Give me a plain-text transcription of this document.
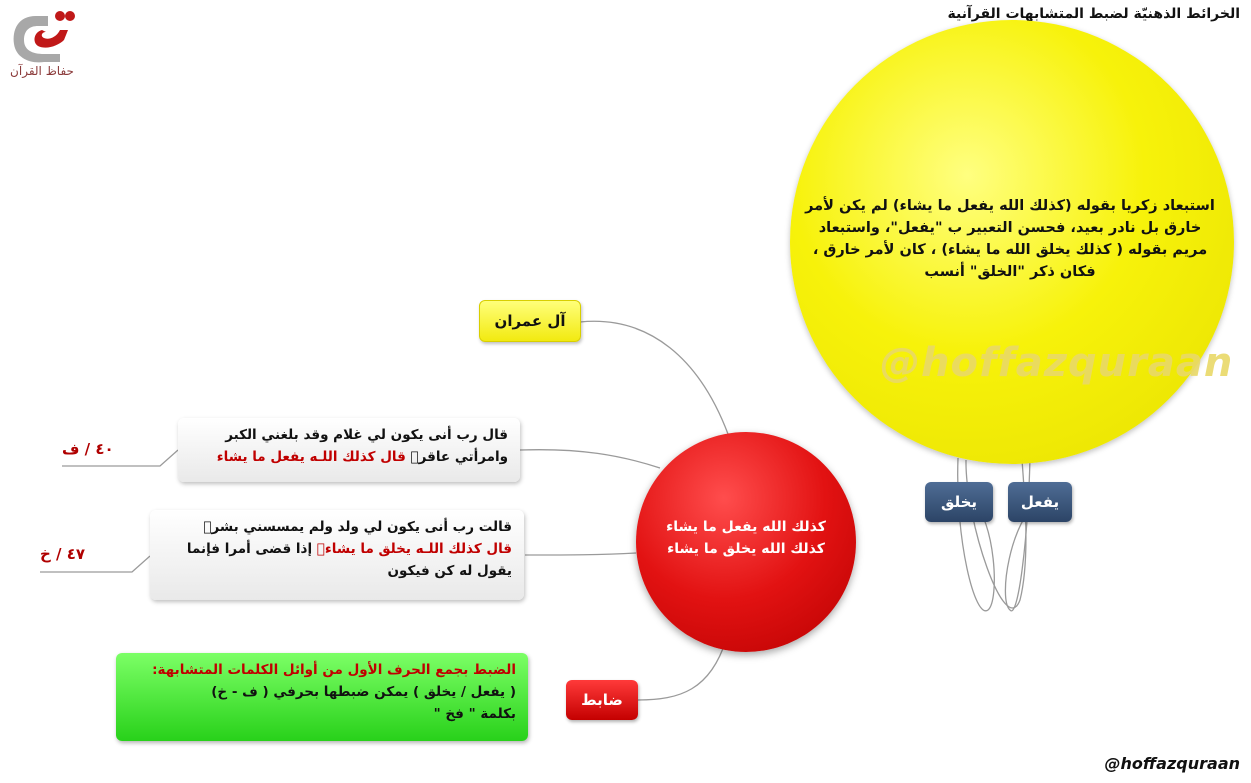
الخرائط الذهنيّة لضبط المتشابهات القرآنية
حفاظ القرآن
استبعاد زكريا بقوله (كذلك الله يفعل ما يشاء) لم يكن لأمر خارق بل نادر بعيد، فحسن التعبير ب "يفعل"، واستبعاد مريم بقوله ( كذلك يخلق الله ما يشاء) ، كان لأمر خارق ، فكان ذكر "الخلق" أنسب
@hoffazquraan
يخلق	يفعل
آل عمران
قال رب أنى يكون لي غلام وقد بلغني الكبر
وامرأتي عاقرۖ قال كذلك اللـه يفعل ما يشاء
٤٠ / ف
قالت رب أنى يكون لي ولد ولم يمسسني بشرۖ
قال كذلك اللـه يخلق ما يشاءۚ إذا قضى أمرا فإنما
يقول له كن فيكون
٤٧ / خ
كذلك الله يفعل ما يشاء
كذلك الله يخلق ما يشاء
الضبط بجمع الحرف الأول من أوائل الكلمات المتشابهة:
( يفعل / يخلق ) يمكن ضبطها بحرفي ( ف - خ)
بكلمة " فخ "
ضابط
@hoffazquraan
